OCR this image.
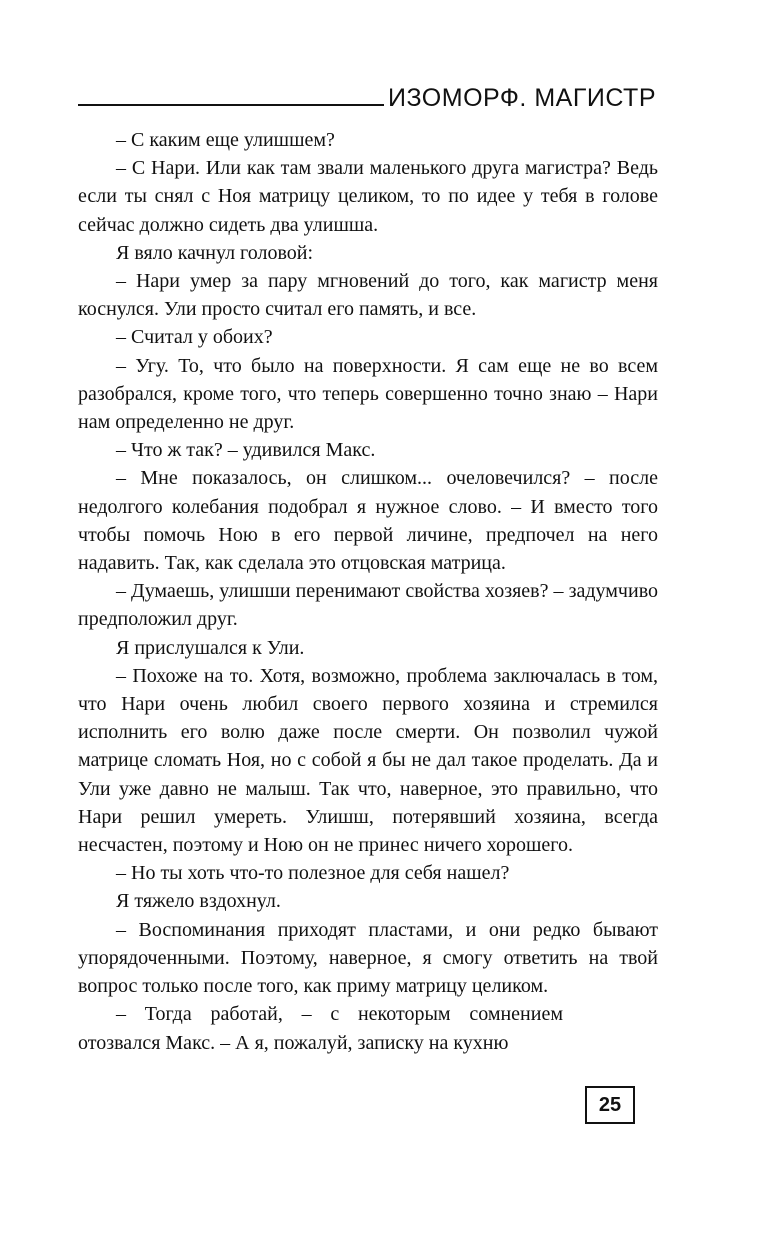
ИЗОМОРФ. МАГИСТР

– С каким еще улишшем?

– С Нари. Или как там звали маленького друга магистра? Ведь если ты снял с Ноя матрицу целиком, то по идее у тебя в голове сейчас должно сидеть два улишша.

Я вяло качнул головой:

– Нари умер за пару мгновений до того, как магистр меня коснулся. Ули просто считал его память, и все.

– Считал у обоих?

– Угу. То, что было на поверхности. Я сам еще не во всем разобрался, кроме того, что теперь совершенно точно знаю – Нари нам определенно не друг.

– Что ж так? – удивился Макс.

– Мне показалось, он слишком... очеловечился? – после недолгого колебания подобрал я нужное слово. – И вместо того чтобы помочь Ною в его первой личине, предпочел на него надавить. Так, как сделала это отцовская матрица.

– Думаешь, улишши перенимают свойства хозяев? – задумчиво предположил друг.

Я прислушался к Ули.

– Похоже на то. Хотя, возможно, проблема заключалась в том, что Нари очень любил своего первого хозяина и стремился исполнить его волю даже после смерти. Он позволил чужой матрице сломать Ноя, но с собой я бы не дал такое проделать. Да и Ули уже давно не малыш. Так что, наверное, это правильно, что Нари решил умереть. Улишш, потерявший хозяина, всегда несчастен, поэтому и Ною он не принес ничего хорошего.

– Но ты хоть что-то полезное для себя нашел?

Я тяжело вздохнул.

– Воспоминания приходят пластами, и они редко бывают упорядоченными. Поэтому, наверное, я смогу ответить на твой вопрос только после того, как приму матрицу целиком.

– Тогда работай, – с некоторым сомнением отозвался Макс. – А я, пожалуй, записку на кухню

25
